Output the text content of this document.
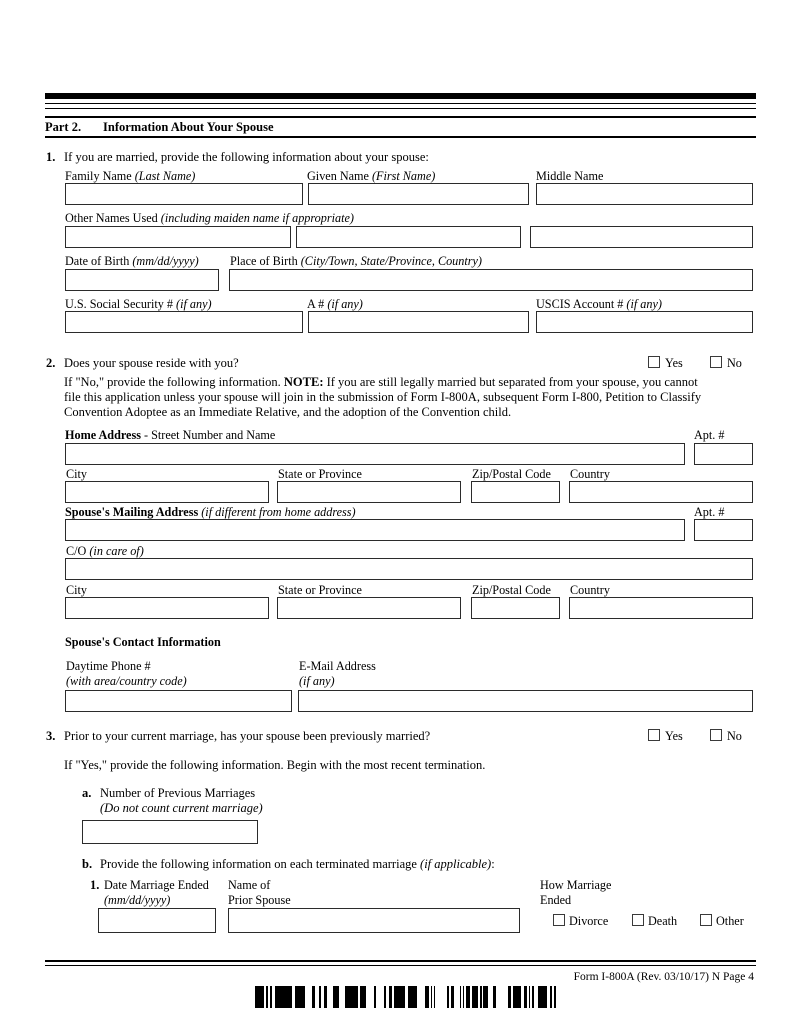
Part 2. Information About Your Spouse
1. If you are married, provide the following information about your spouse:
Family Name (Last Name)	Given Name (First Name)	Middle Name
Other Names Used (including maiden name if appropriate)
Date of Birth (mm/dd/yyyy)	Place of Birth (City/Town, State/Province, Country)
U.S. Social Security # (if any)	A # (if any)	USCIS Account # (if any)
2. Does your spouse reside with you?	Yes	No
If "No," provide the following information. NOTE: If you are still legally married but separated from your spouse, you cannot
file this application unless your spouse will join in the submission of Form I-800A, subsequent Form I-800, Petition to Classify
Convention Adoptee as an Immediate Relative, and the adoption of the Convention child.
Home Address - Street Number and Name	Apt. #
City	State or Province	Zip/Postal Code Country
Spouse's Mailing Address (if different from home address)	Apt. #
C/O (in care of)
City	State or Province	Zip/Postal Code Country
Spouse's Contact Information
Daytime Phone #
(with area/country code)
E-Mail Address
(if any)
3. Prior to your current marriage, has your spouse been previously married?	Yes	No
If "Yes," provide the following information. Begin with the most recent termination.
a. Number of Previous Marriages
(Do not count current marriage)
b. Provide the following information on each terminated marriage (if applicable):
1. Date Marriage Ended
(mm/dd/yyyy)
Name of
Prior Spouse
How Marriage
Ended
Divorce	Death	Other
Form I-800A (Rev. 03/10/17) N Page 4
